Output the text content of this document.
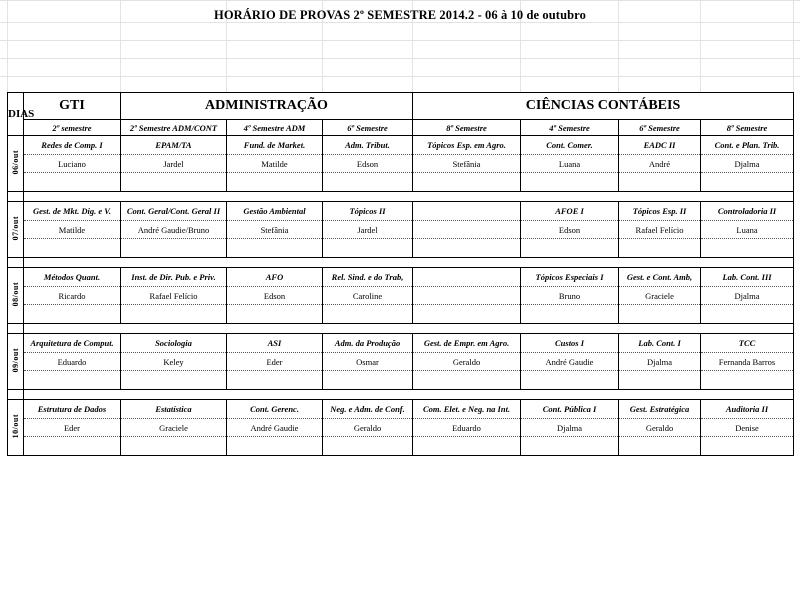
HORÁRIO DE PROVAS 2º SEMESTRE 2014.2 - 06 à 10 de outubro
DIAS	GTI	ADMINISTRAÇÃO			CIÊNCIAS CONTÁBEIS			
	2º semestre	2º Semestre ADM/CONT	4º Semestre ADM	6º Semestre	8º Semestre	4º Semestre	6º Semestre	8º Semestre
06/out	Redes de Comp. I	EPAM/TA	Fund. de Market.	Adm. Tribut.	Tópicos Esp. em Agro.	Cont. Comer.	EADC II	Cont. e Plan. Trib.
	Luciano	Jardel	Matilde	Edson	Stefânia	Luana	André	Djalma

07/out	Gest. de Mkt. Dig. e V.	Cont. Geral/Cont. Geral II	Gestão Ambiental	Tópicos II		AFOE I	Tópicos Esp. II	Controladoria II
	Matilde	André Gaudie/Bruno	Stefânia	Jardel		Edson	Rafael Felício	Luana

08/out	Métodos Quant.	Inst. de Dir. Pub. e Priv.	AFO	Rel. Sind. e do Trab,		Tópicos Especiais I	Gest. e Cont. Amb,	Lab. Cont. III
	Ricardo	Rafael Felício	Edson	Caroline		Bruno	Graciele	Djalma

09/out	Arquitetura de Comput.	Sociologia	ASI	Adm. da Produção	Gest. de Empr. em Agro.	Custos I	Lab. Cont. I	TCC
	Eduardo	Keley	Eder	Osmar	Geraldo	André Gaudie	Djalma	Fernanda Barros

10/out	Estrutura de Dados	Estatística	Cont. Gerenc.	Neg. e Adm. de Conf.	Com. Elet. e Neg. na Int.	Cont. Pública I	Gest. Estratégica	Auditoria II
	Eder	Graciele	André Gaudie	Geraldo	Eduardo	Djalma	Geraldo	Denise
